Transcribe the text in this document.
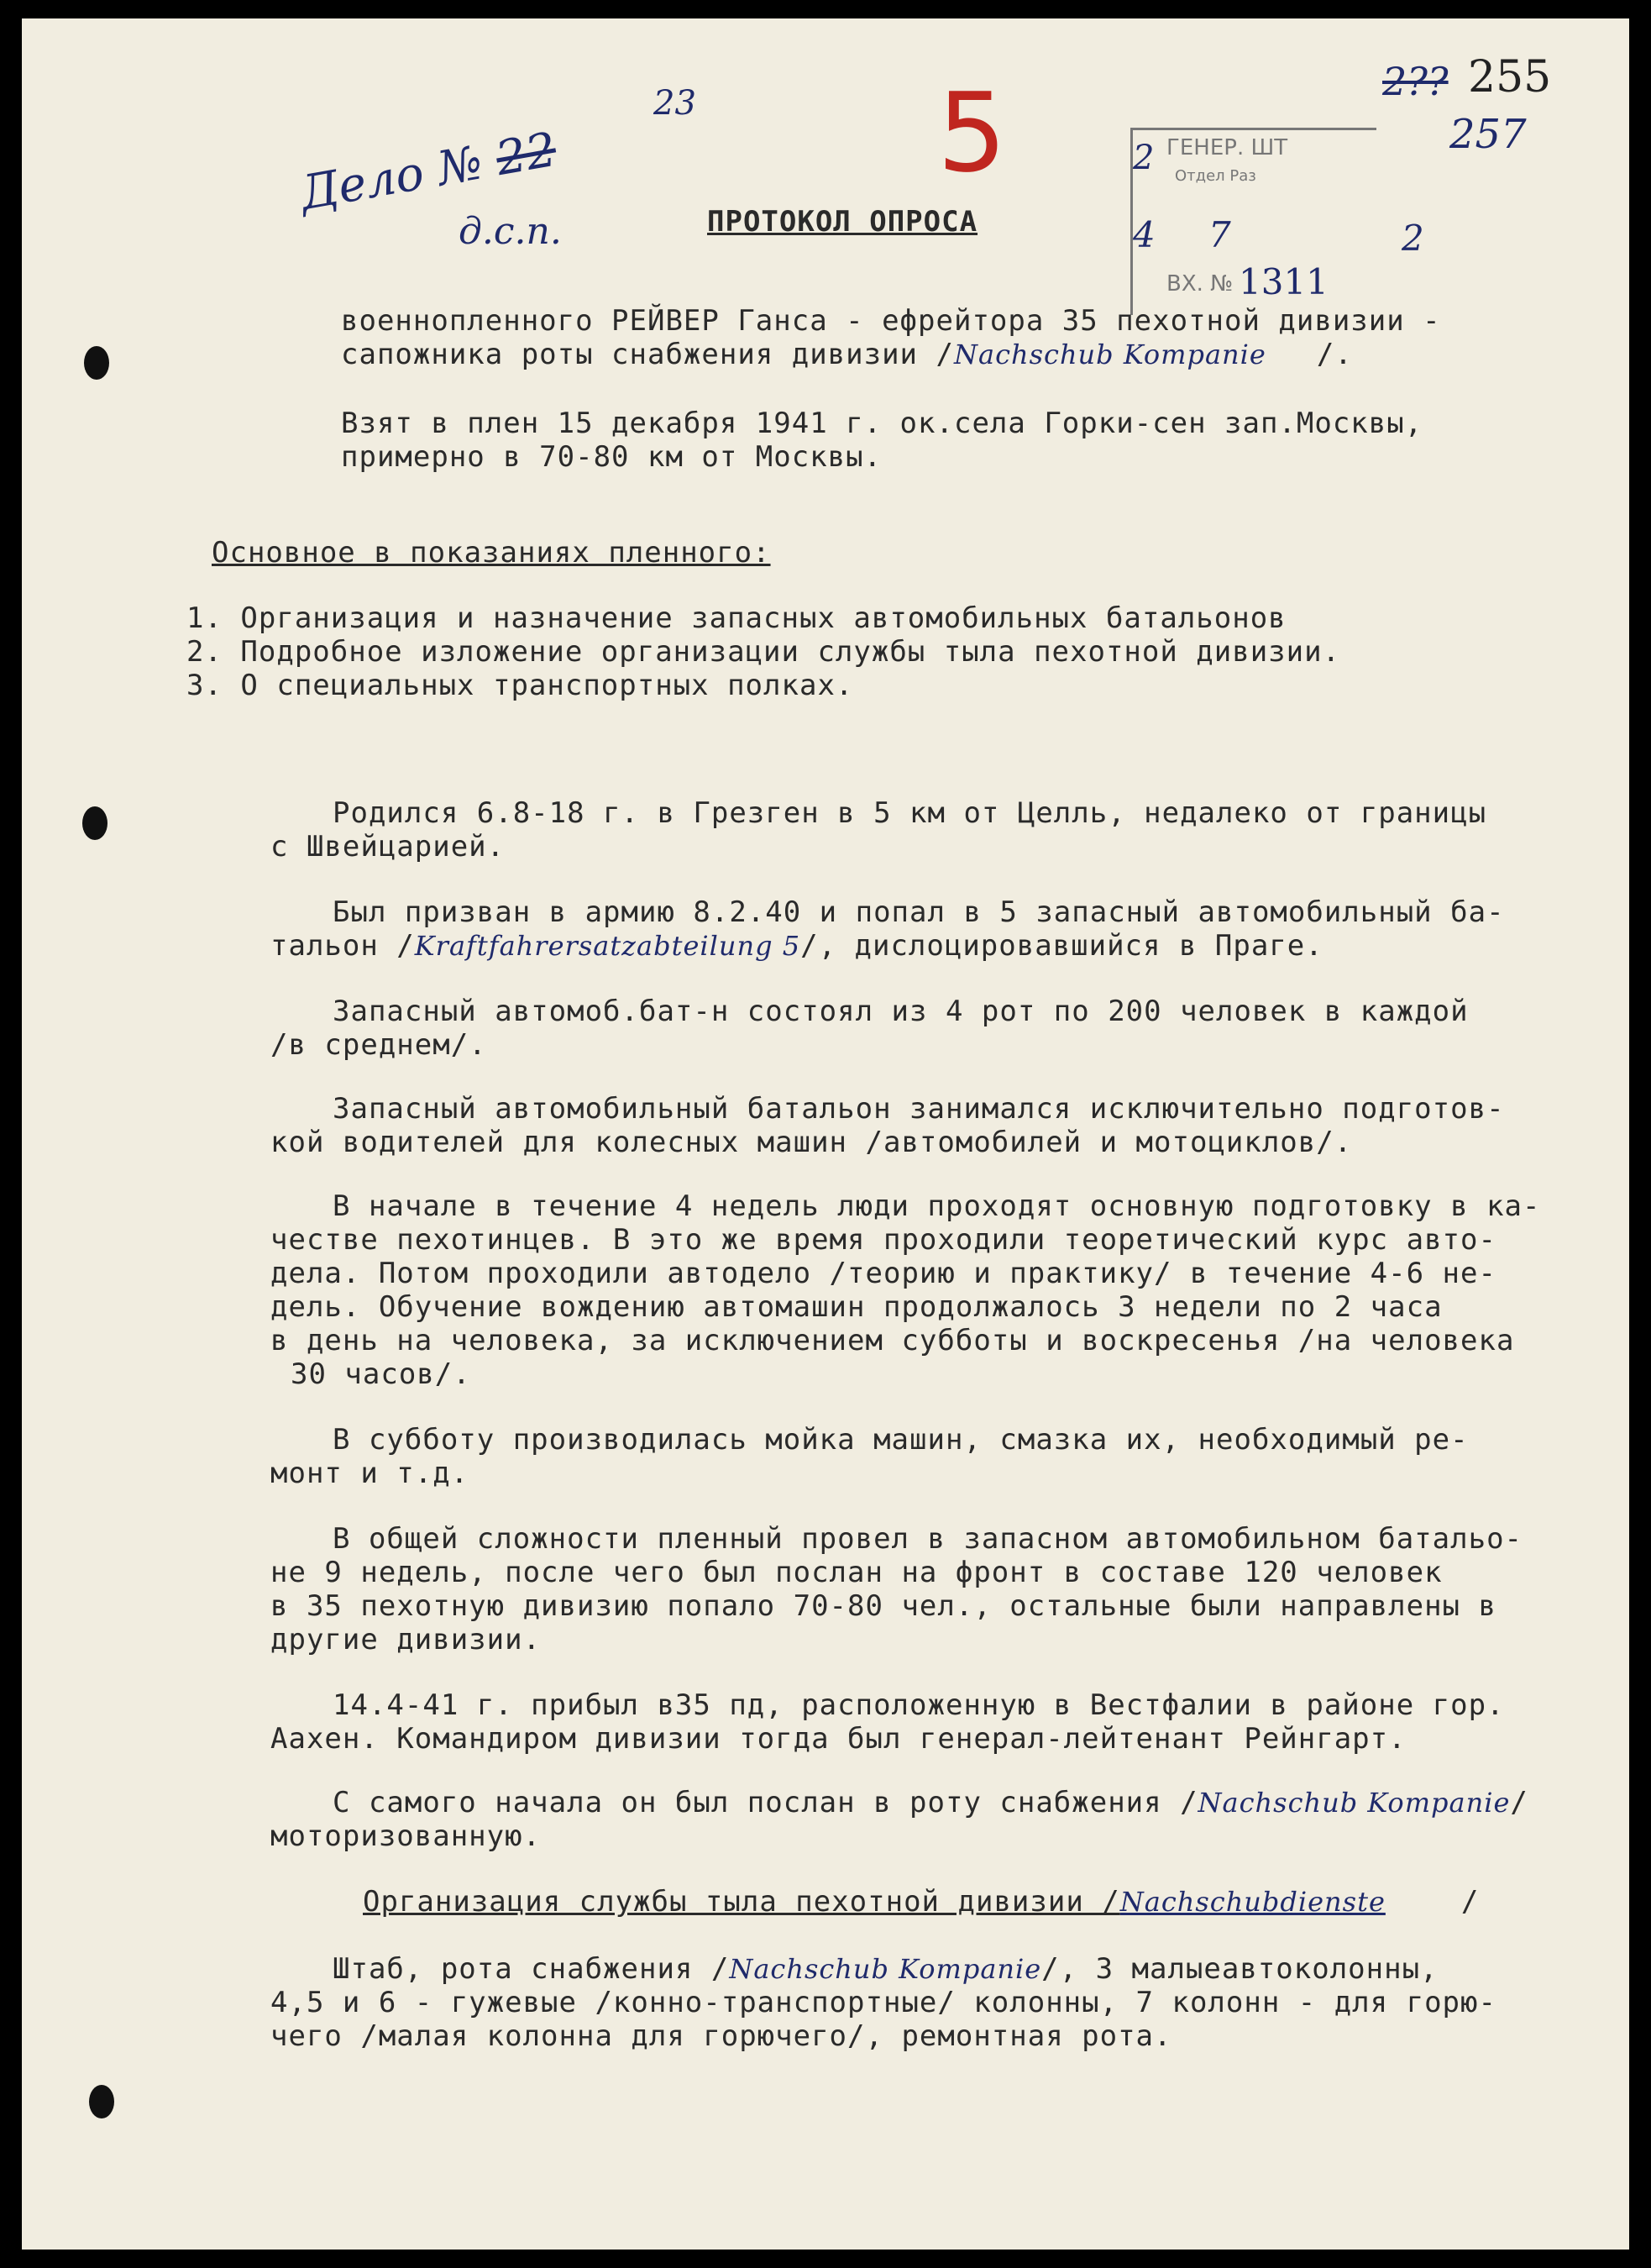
Дело № 22
23
д.с.п.
5	2?? 255
257
ГЕНЕР. ШТ
Отдел Раз
2
4 7	2
ВХ. № 1311
ПРОТОКОЛ ОПРОСА
военнопленного РЕЙВЕР Ганса - ефрейтора 35 пехотной дивизии -
сапожника роты снабжения дивизии /Nachschub Kompanie /.
Взят в плен 15 декабря 1941 г. ок.села Горки-сен зап.Москвы,
примерно в 70-80 км от Москвы.
Основное в показаниях пленного:
1. Организация и назначение запасных автомобильных батальонов
2. Подробное изложение организации службы тыла пехотной дивизии.
3. О специальных транспортных полках.
Родился 6.8-18 г. в Грезген в 5 км от Целль, недалеко от границы
с Швейцарией.
Был призван в армию 8.2.40 и попал в 5 запасный автомобильный ба-
тальон /Kraftfahrersatzabteilung 5/, дислоцировавшийся в Праге.
Запасный автомоб.бат-н состоял из 4 рот по 200 человек в каждой
/в среднем/.
Запасный автомобильный батальон занимался исключительно подготов-
кой водителей для колесных машин /автомобилей и мотоциклов/.
В начале в течение 4 недель люди проходят основную подготовку в ка-
честве пехотинцев. В это же время проходили теоретический курс авто-
дела. Потом проходили автодело /теорию и практику/ в течение 4-6 не-
дель. Обучение вождению автомашин продолжалось 3 недели по 2 часа
в день на человека, за исключением субботы и воскресенья /на человека
30 часов/.
В субботу производилась мойка машин, смазка их, необходимый ре-
монт и т.д.
В общей сложности пленный провел в запасном автомобильном батальо-
не 9 недель, после чего был послан на фронт в составе 120 человек
в 35 пехотную дивизию попало 70-80 чел., остальные были направлены в
другие дивизии.
14.4-41 г. прибыл в35 пд, расположенную в Вестфалии в районе гор.
Аахен. Командиром дивизии тогда был генерал-лейтенант Рейнгарт.
С самого начала он был послан в роту снабжения /Nachschub Kompanie/
моторизованную.
Организация службы тыла пехотной дивизии /Nachschubdienste	/
Штаб, рота снабжения /Nachschub Kompanie/, 3 малыеавтоколонны,
4,5 и 6 - гужевые /конно-транспортные/ колонны, 7 колонн - для горю-
чего /малая колонна для горючего/, ремонтная рота.
